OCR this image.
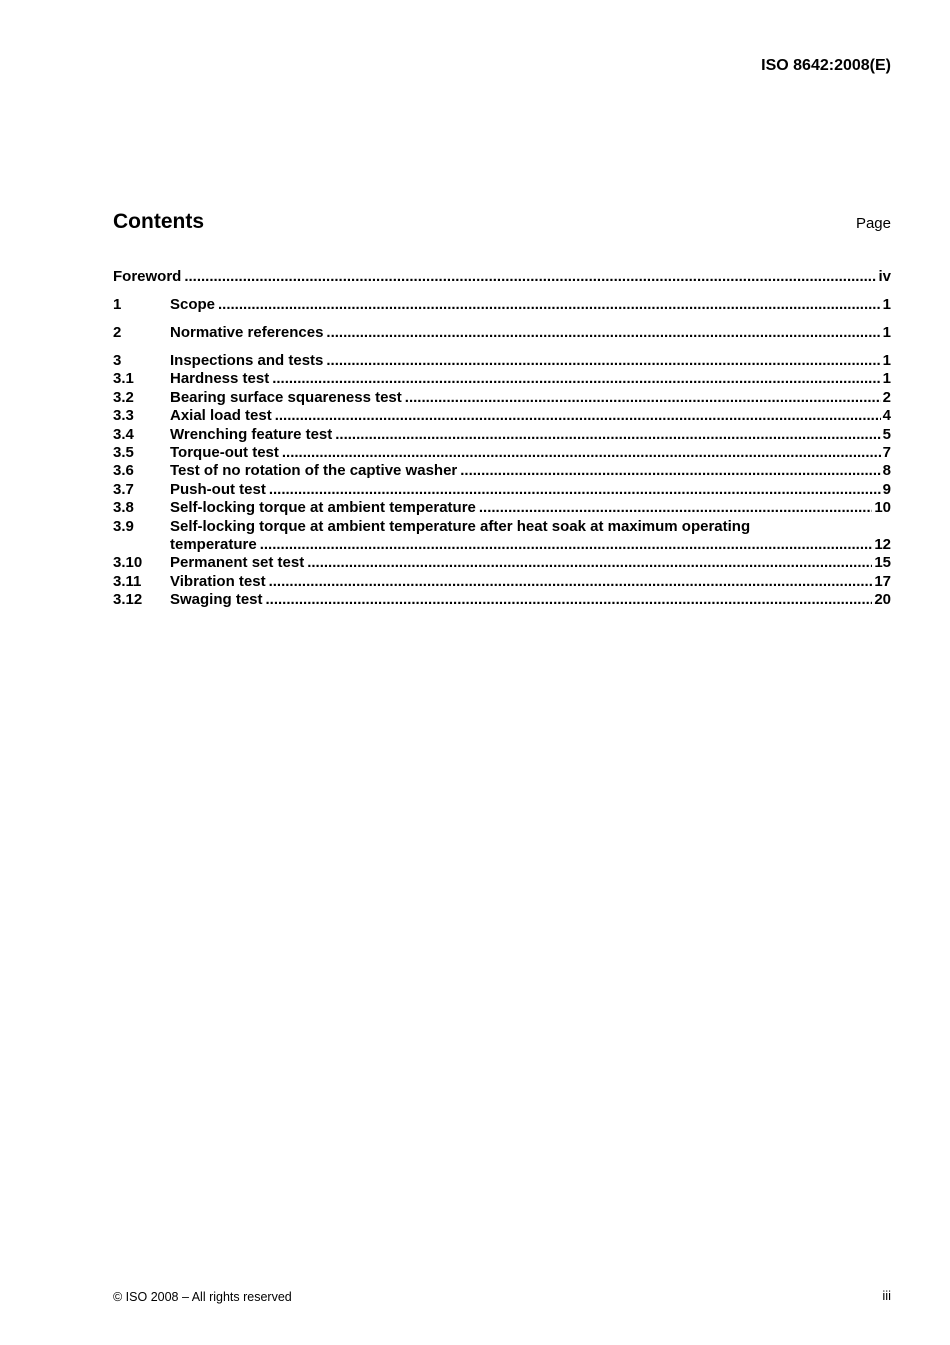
ISO 8642:2008(E)
Contents	Page
Foreword .....	iv
1	Scope .....	1
2	Normative references .....	1
3	Inspections and tests .....	1
3.1	Hardness test .....	1
3.2	Bearing surface squareness test .....	2
3.3	Axial load test .....	4
3.4	Wrenching feature test .....	5
3.5	Torque-out test .....	7
3.6	Test of no rotation of the captive washer .....	8
3.7	Push-out test .....	9
3.8	Self-locking torque at ambient temperature .....	10
3.9	Self-locking torque at ambient temperature after heat soak at maximum operating
temperature .....	12
3.10	Permanent set test .....	15
3.11	Vibration test .....	17
3.12	Swaging test .....	20
© ISO 2008 – All rights reserved	iii
